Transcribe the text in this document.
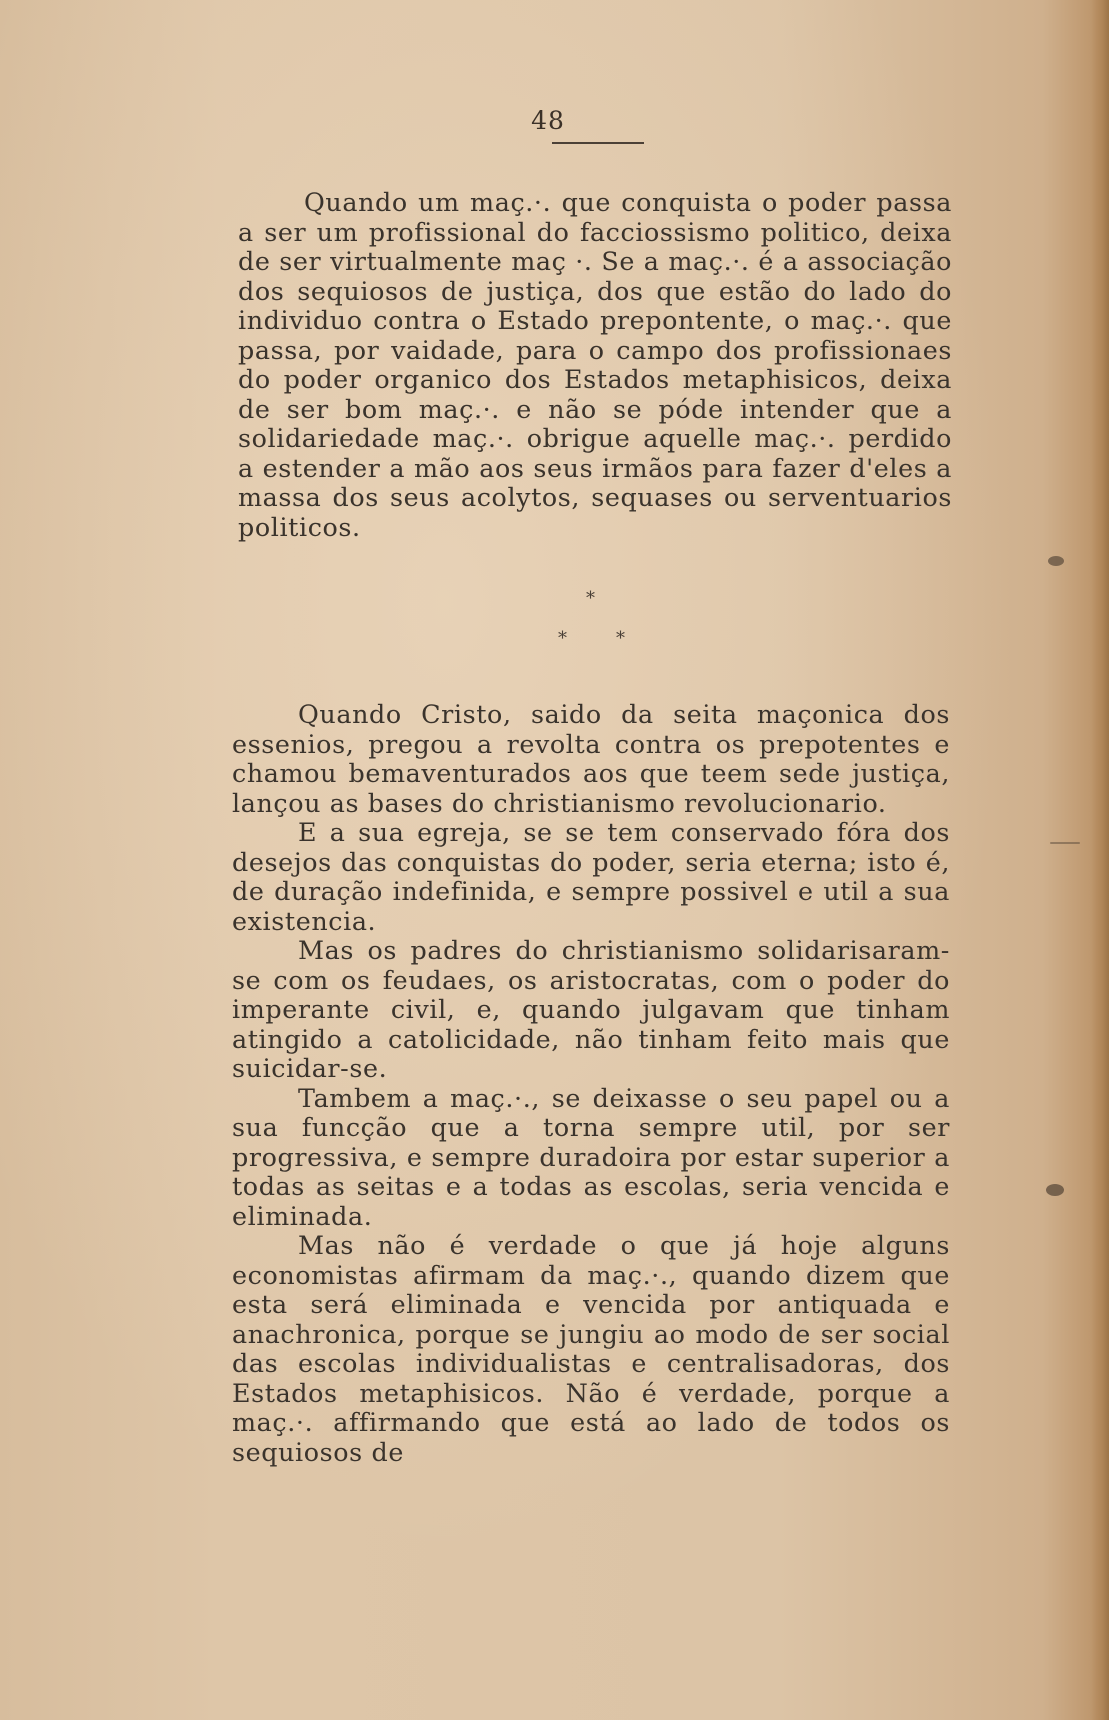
48

Quando um maç.·. que conquista o poder passa a ser um profissional do facciossismo politico, deixa de ser virtualmente maç ·. Se a maç.·. é a associação dos sequiosos de justiça, dos que estão do lado do individuo contra o Estado prepontente, o maç.·. que passa, por vaidade, para o campo dos profissionaes do poder organico dos Estados metaphisicos, deixa de ser bom maç.·. e não se póde intender que a solidariedade maç.·. obrigue aquelle maç.·. perdido a estender a mão aos seus irmãos para fazer d'eles a massa dos seus acolytos, sequases ou serventuarios politicos.

*
*	*

Quando Cristo, saido da seita maçonica dos essenios, pregou a revolta contra os prepotentes e chamou bemaventurados aos que teem sede justiça, lançou as bases do christianismo revolucionario.

E a sua egreja, se se tem conservado fóra dos desejos das conquistas do poder, seria eterna; isto é, de duração indefinida, e sempre possivel e util a sua existencia.

Mas os padres do christianismo solidarisaram-se com os feudaes, os aristocratas, com o poder do imperante civil, e, quando julgavam que tinham atingido a catolicidade, não tinham feito mais que suicidar-se.

Tambem a maç.·., se deixasse o seu papel ou a sua funcção que a torna sempre util, por ser progressiva, e sempre duradoira por estar superior a todas as seitas e a todas as escolas, seria vencida e eliminada.

Mas não é verdade o que já hoje alguns economistas afirmam da maç.·., quando dizem que esta será eliminada e vencida por antiquada e anachronica, porque se jungiu ao modo de ser social das escolas individualistas e centralisadoras, dos Estados metaphisicos. Não é verdade, porque a maç.·. affirmando que está ao lado de todos os sequiosos de
